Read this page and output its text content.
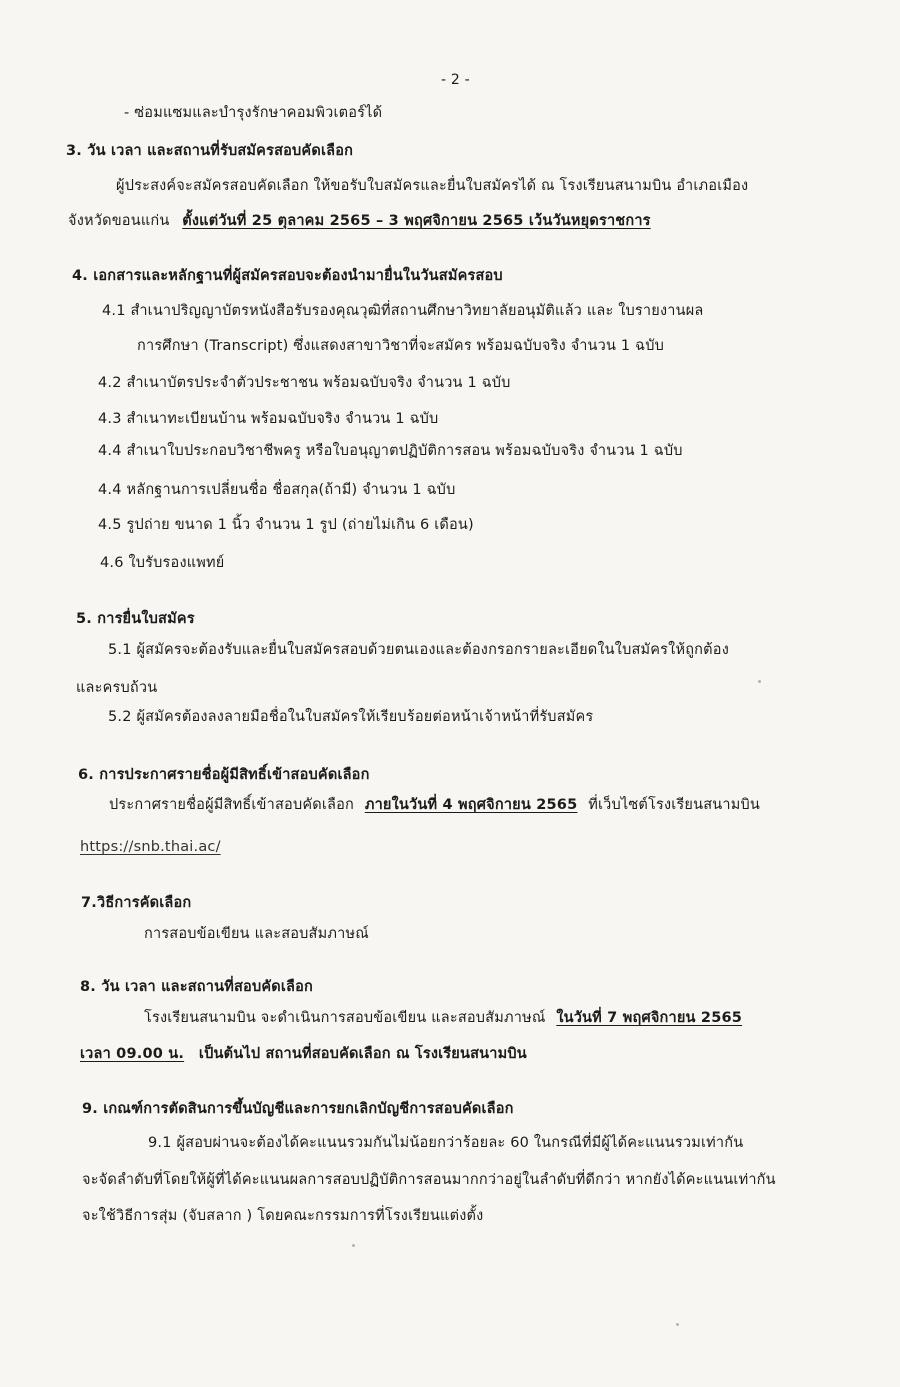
- 2 -
- ซ่อมแซมและบำรุงรักษาคอมพิวเตอร์ได้
3. วัน เวลา และสถานที่รับสมัครสอบคัดเลือก
ผู้ประสงค์จะสมัครสอบคัดเลือก ให้ขอรับใบสมัครและยื่นใบสมัครได้ ณ โรงเรียนสนามบิน อำเภอเมือง
จังหวัดขอนแก่น ตั้งแต่วันที่ 25 ตุลาคม 2565 – 3 พฤศจิกายน 2565 เว้นวันหยุดราชการ
4. เอกสารและหลักฐานที่ผู้สมัครสอบจะต้องนำมายื่นในวันสมัครสอบ
4.1 สำเนาปริญญาบัตรหนังสือรับรองคุณวุฒิที่สถานศึกษาวิทยาลัยอนุมัติแล้ว และ ใบรายงานผล
การศึกษา (Transcript) ซึ่งแสดงสาขาวิชาที่จะสมัคร พร้อมฉบับจริง จำนวน 1 ฉบับ
4.2 สำเนาบัตรประจำตัวประชาชน พร้อมฉบับจริง จำนวน 1 ฉบับ
4.3 สำเนาทะเบียนบ้าน พร้อมฉบับจริง จำนวน 1 ฉบับ
4.4 สำเนาใบประกอบวิชาชีพครู หรือใบอนุญาตปฏิบัติการสอน พร้อมฉบับจริง จำนวน 1 ฉบับ
4.4 หลักฐานการเปลี่ยนชื่อ ชื่อสกุล(ถ้ามี) จำนวน 1 ฉบับ
4.5 รูปถ่าย ขนาด 1 นิ้ว จำนวน 1 รูป (ถ่ายไม่เกิน 6 เดือน)
4.6 ใบรับรองแพทย์
5. การยื่นใบสมัคร
5.1 ผู้สมัครจะต้องรับและยื่นใบสมัครสอบด้วยตนเองและต้องกรอกรายละเอียดในใบสมัครให้ถูกต้อง
และครบถ้วน
5.2 ผู้สมัครต้องลงลายมือชื่อในใบสมัครให้เรียบร้อยต่อหน้าเจ้าหน้าที่รับสมัคร
6. การประกาศรายชื่อผู้มีสิทธิ์เข้าสอบคัดเลือก
ประกาศรายชื่อผู้มีสิทธิ์เข้าสอบคัดเลือก ภายในวันที่ 4 พฤศจิกายน 2565 ที่เว็บไซต์โรงเรียนสนามบิน
https://snb.thai.ac/
7.วิธีการคัดเลือก
การสอบข้อเขียน และสอบสัมภาษณ์
8. วัน เวลา และสถานที่สอบคัดเลือก
โรงเรียนสนามบิน จะดำเนินการสอบข้อเขียน และสอบสัมภาษณ์ ในวันที่ 7 พฤศจิกายน 2565
เวลา 09.00 น. เป็นต้นไป สถานที่สอบคัดเลือก ณ โรงเรียนสนามบิน
9. เกณฑ์การตัดสินการขึ้นบัญชีและการยกเลิกบัญชีการสอบคัดเลือก
9.1 ผู้สอบผ่านจะต้องได้คะแนนรวมกันไม่น้อยกว่าร้อยละ 60 ในกรณีที่มีผู้ได้คะแนนรวมเท่ากัน
จะจัดลำดับที่โดยให้ผู้ที่ได้คะแนนผลการสอบปฏิบัติการสอนมากกว่าอยู่ในลำดับที่ดีกว่า หากยังได้คะแนนเท่ากัน
จะใช้วิธีการสุ่ม (จับสลาก ) โดยคณะกรรมการที่โรงเรียนแต่งตั้ง
